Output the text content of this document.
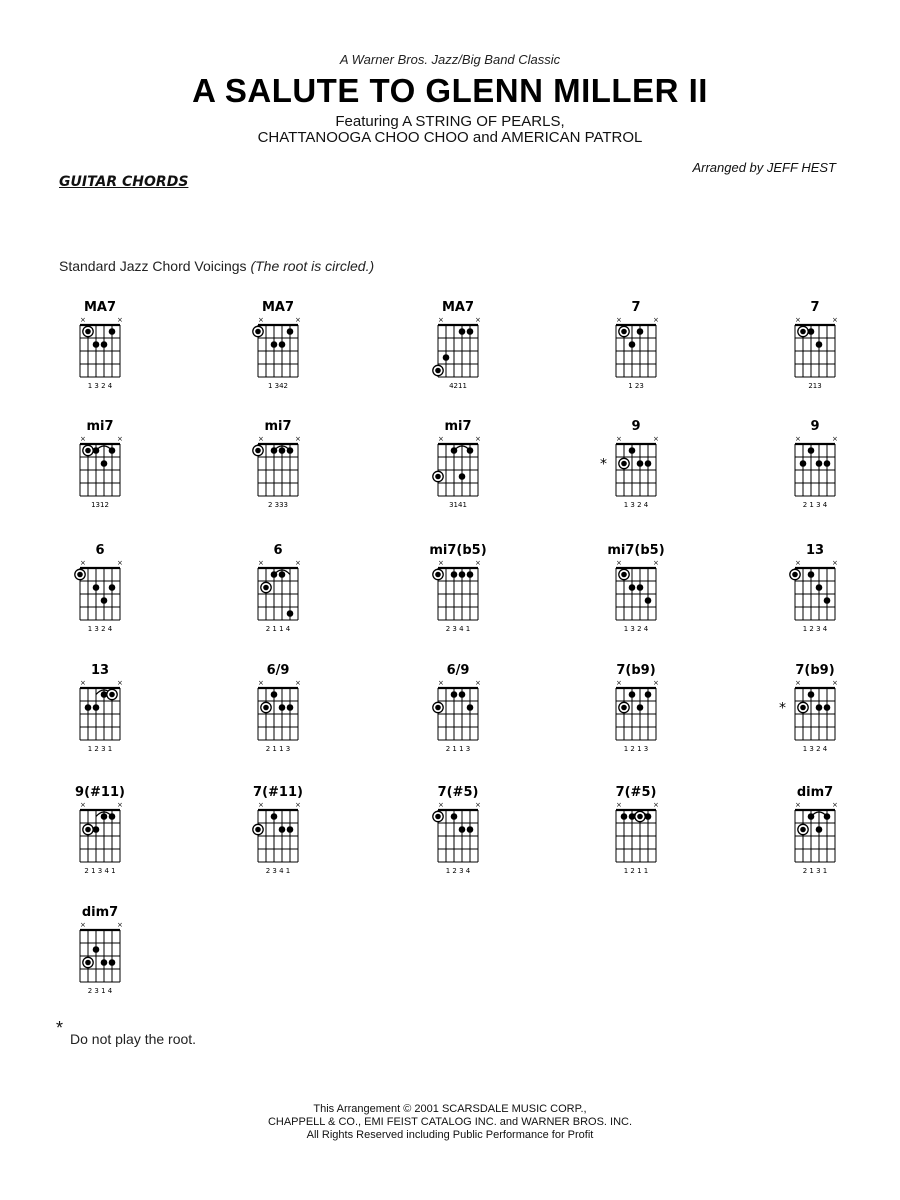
A Warner Bros. Jazz/Big Band Classic
A SALUTE TO GLENN MILLER II
Featuring A STRING OF PEARLS,
CHATTANOOGA CHOO CHOO and AMERICAN PATROL
Arranged by JEFF HEST
GUITAR CHORDS
Standard Jazz Chord Voicings (The root is circled.)
MA7
×	×
1 3 2 4
MA7
×	×
1 342
MA7
×	×
4211
7
×	×
1 23
7
×	×
213
mi7
×	×
1312
mi7
×	×
2 333
mi7
×	×
3141
9
×	×
*
1 3 2 4
9
×	×
2 1 3 4
6
×	×
1 3 2 4
6
×	×
2 1 1 4
mi7(b5)
×	×
2 3 4 1
mi7(b5)
×	×
1 3 2 4
13
×	×
1 2 3 4
13
×	×
1 2 3 1
6/9
×	×
2 1 1 3
6/9
×	×
2 1 1 3
7(b9)
×	×
1 2 1 3
7(b9)
×	×
*
1 3 2 4
9(#11)
×	×
2 1 3 4 1
7(#11)
×	×
2 3 4 1
7(#5)
×	×
1 2 3 4
7(#5)
×	×
1 2 1 1
dim7
×	×
2 1 3 1
dim7
×	×
2 3 1 4
*
Do not play the root.
This Arrangement © 2001 SCARSDALE MUSIC CORP.,
CHAPPELL & CO., EMI FEIST CATALOG INC. and WARNER BROS. INC.
All Rights Reserved including Public Performance for Profit
